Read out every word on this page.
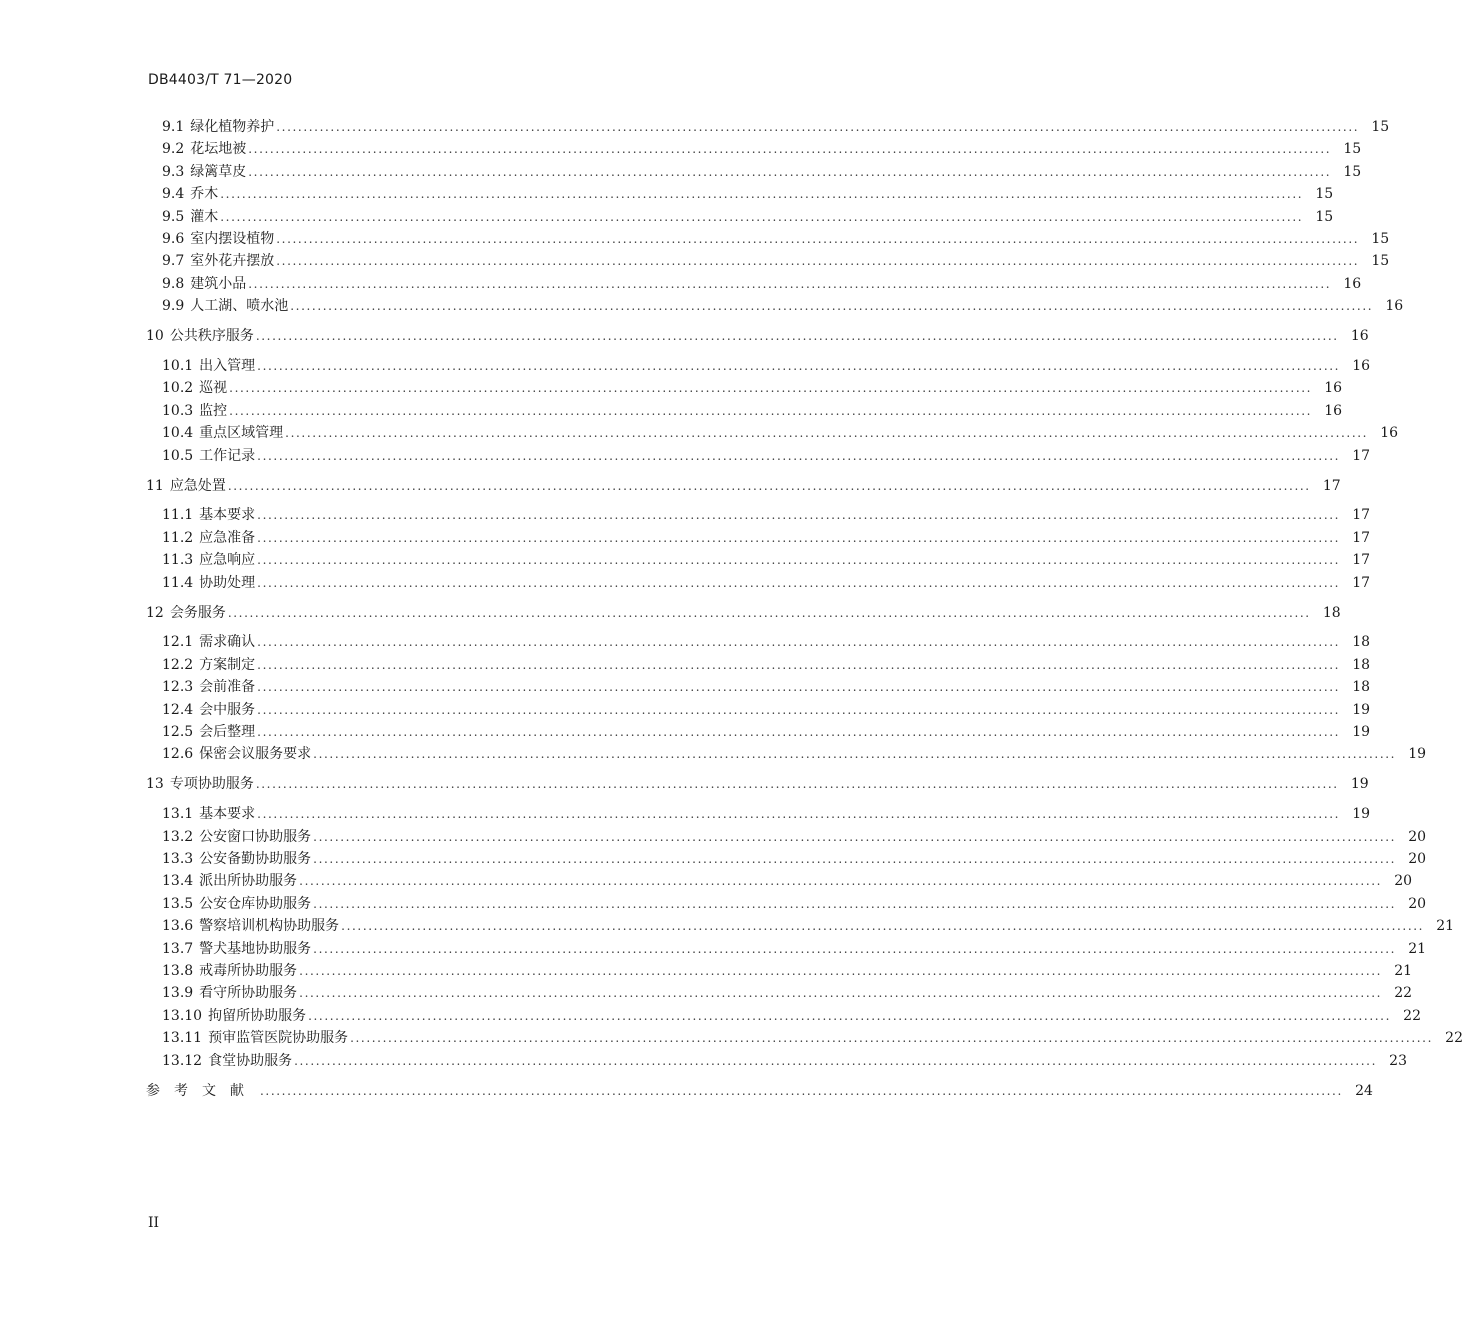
DB4403/T 71—2020
9.1 绿化植物养护 ........................................................................................................................................................................................................ 15
9.2 花坛地被 ........................................................................................................................................................................................................ 15
9.3 绿篱草皮 ........................................................................................................................................................................................................ 15
9.4 乔木 ........................................................................................................................................................................................................ 15
9.5 灌木 ........................................................................................................................................................................................................ 15
9.6 室内摆设植物 ........................................................................................................................................................................................................ 15
9.7 室外花卉摆放 ........................................................................................................................................................................................................ 15
9.8 建筑小品 ........................................................................................................................................................................................................ 16
9.9 人工湖、喷水池 ........................................................................................................................................................................................................ 16
10 公共秩序服务 ........................................................................................................................................................................................................ 16
10.1 出入管理 ........................................................................................................................................................................................................ 16
10.2 巡视 ........................................................................................................................................................................................................ 16
10.3 监控 ........................................................................................................................................................................................................ 16
10.4 重点区域管理 ........................................................................................................................................................................................................ 16
10.5 工作记录 ........................................................................................................................................................................................................ 17
11 应急处置 ........................................................................................................................................................................................................ 17
11.1 基本要求 ........................................................................................................................................................................................................ 17
11.2 应急准备 ........................................................................................................................................................................................................ 17
11.3 应急响应 ........................................................................................................................................................................................................ 17
11.4 协助处理 ........................................................................................................................................................................................................ 17
12 会务服务 ........................................................................................................................................................................................................ 18
12.1 需求确认 ........................................................................................................................................................................................................ 18
12.2 方案制定 ........................................................................................................................................................................................................ 18
12.3 会前准备 ........................................................................................................................................................................................................ 18
12.4 会中服务 ........................................................................................................................................................................................................ 19
12.5 会后整理 ........................................................................................................................................................................................................ 19
12.6 保密会议服务要求 ........................................................................................................................................................................................................ 19
13 专项协助服务 ........................................................................................................................................................................................................ 19
13.1 基本要求 ........................................................................................................................................................................................................ 19
13.2 公安窗口协助服务 ........................................................................................................................................................................................................ 20
13.3 公安备勤协助服务 ........................................................................................................................................................................................................ 20
13.4 派出所协助服务 ........................................................................................................................................................................................................ 20
13.5 公安仓库协助服务 ........................................................................................................................................................................................................ 20
13.6 警察培训机构协助服务 ........................................................................................................................................................................................................ 21
13.7 警犬基地协助服务 ........................................................................................................................................................................................................ 21
13.8 戒毒所协助服务 ........................................................................................................................................................................................................ 21
13.9 看守所协助服务 ........................................................................................................................................................................................................ 22
13.10 拘留所协助服务 ........................................................................................................................................................................................................ 22
13.11 预审监管医院协助服务 ........................................................................................................................................................................................................ 22
13.12 食堂协助服务 ........................................................................................................................................................................................................ 23
参考文献 ........................................................................................................................................................................................................ 24
II
